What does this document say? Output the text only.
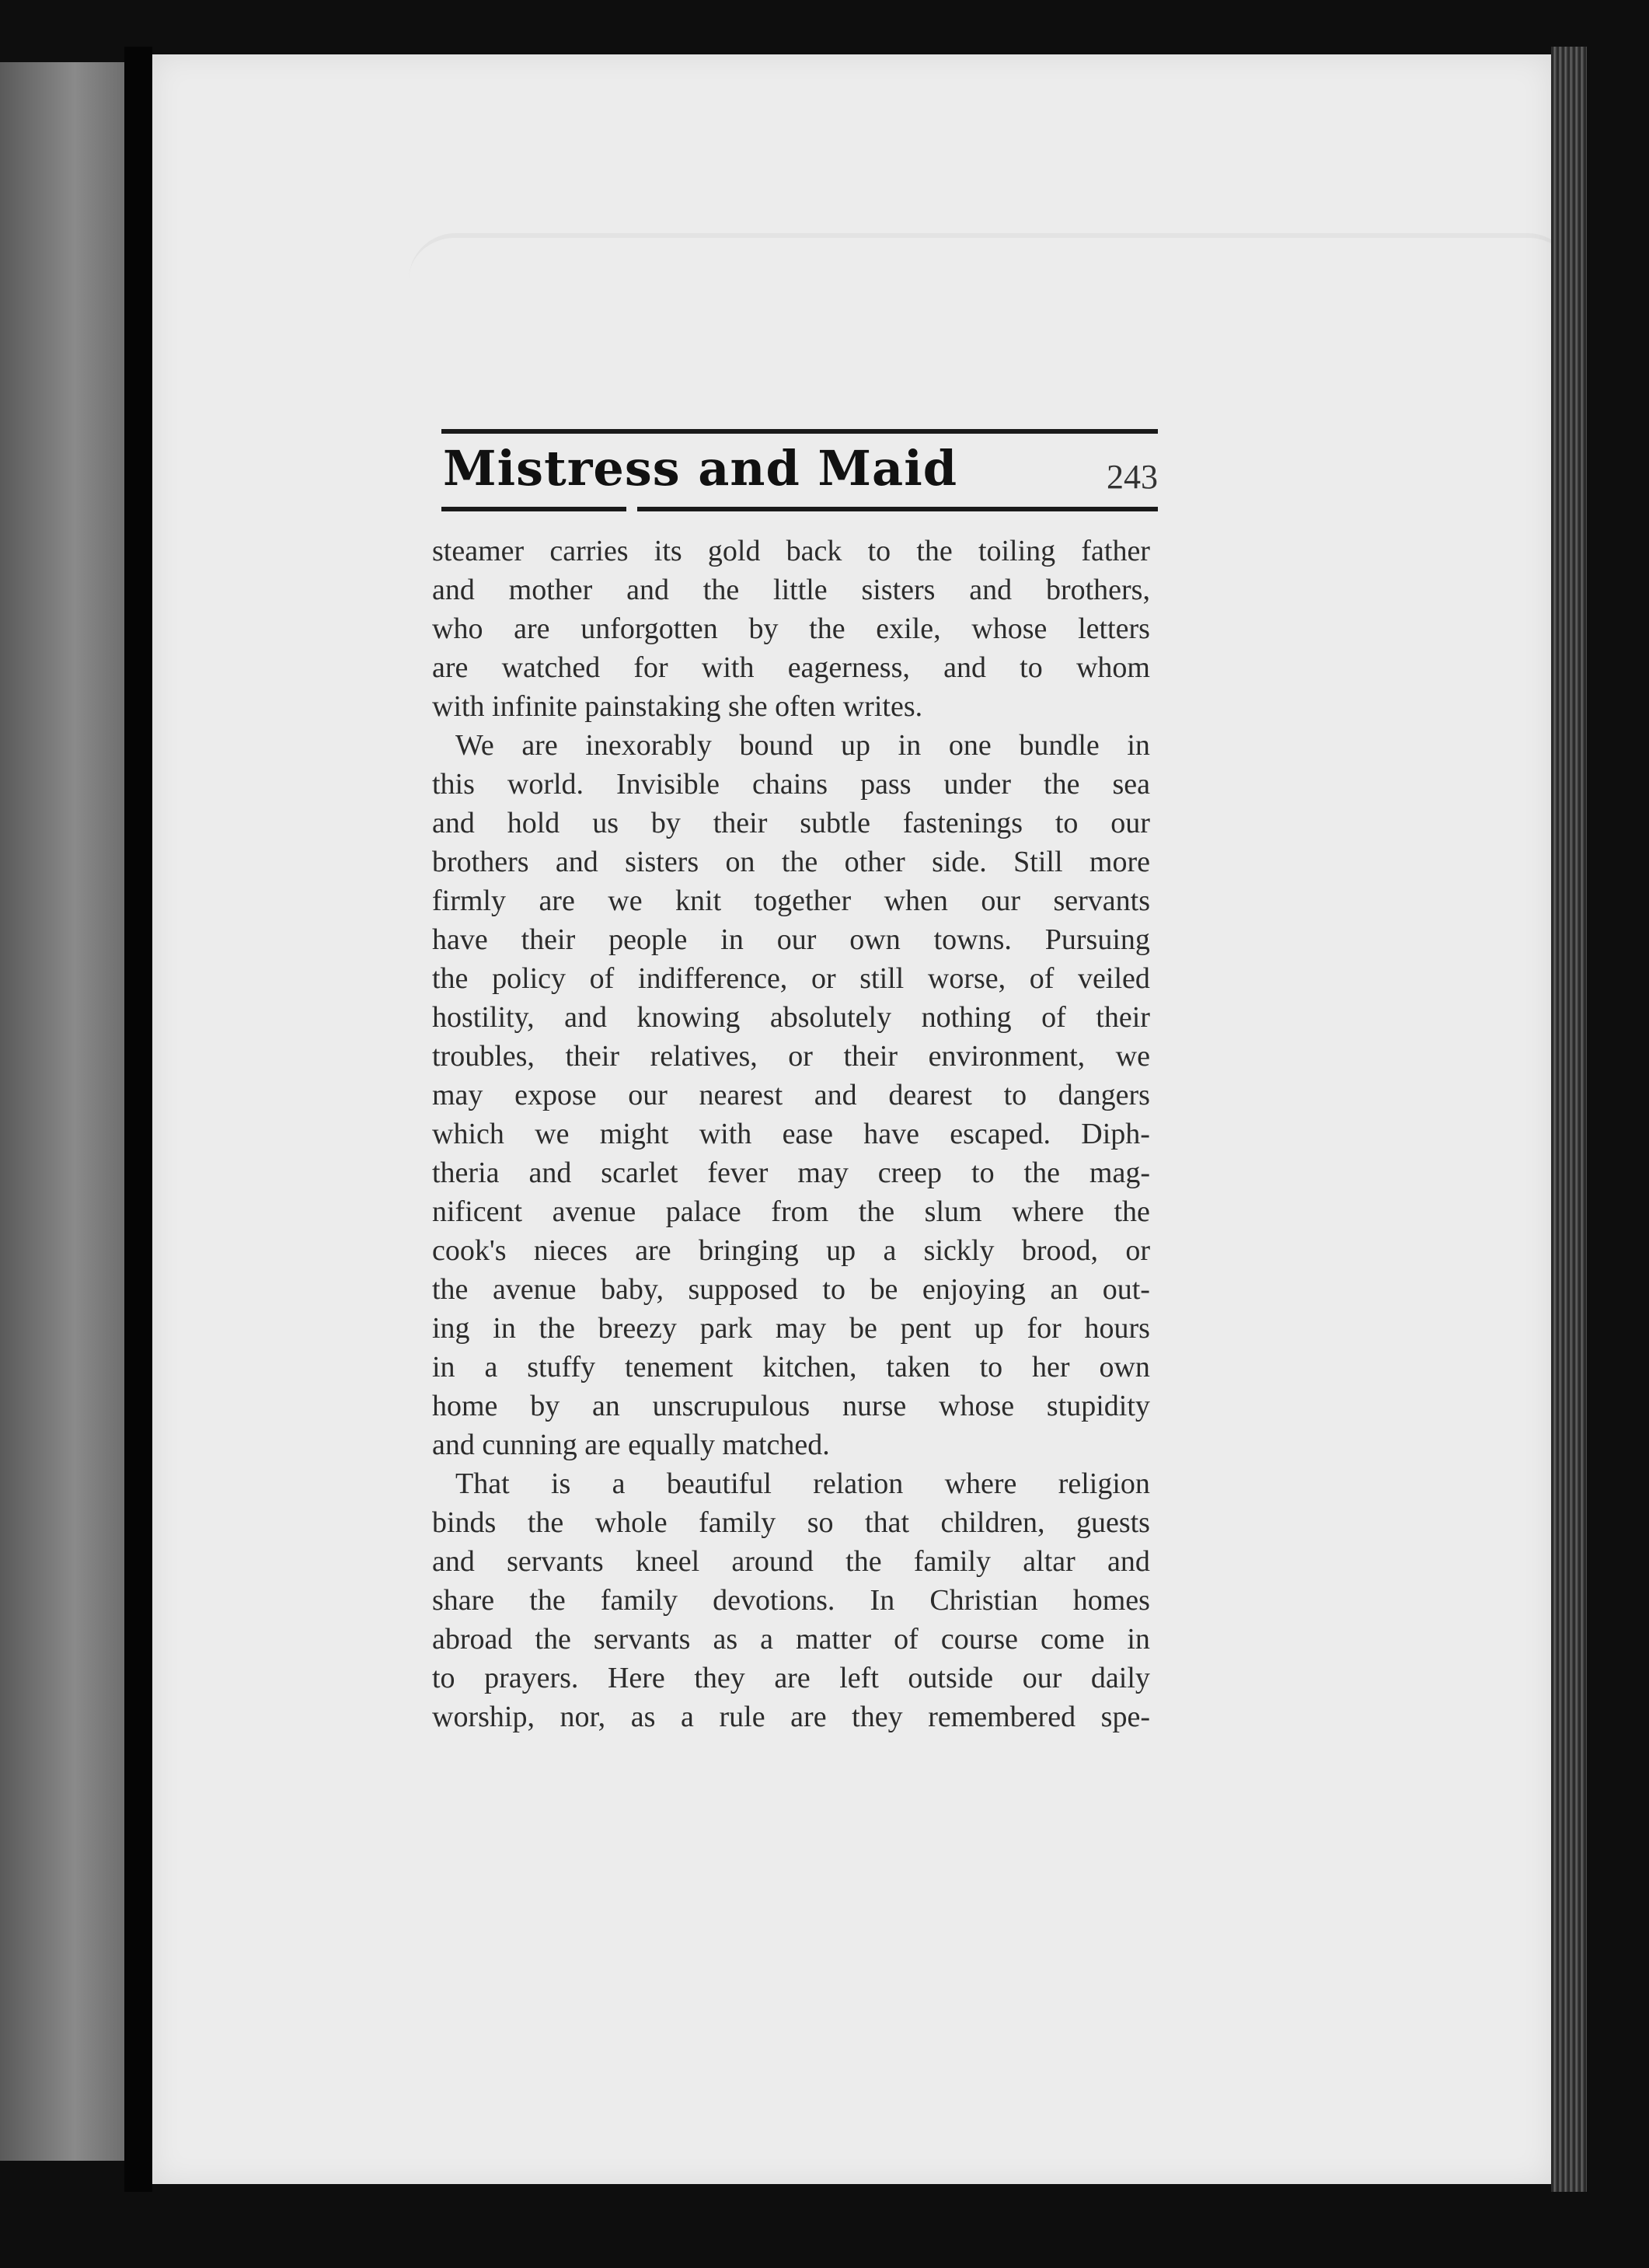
Mistress and Maid	243
steamer carries its gold back to the toiling father
and mother and the little sisters and brothers,
who are unforgotten by the exile, whose letters
are watched for with eagerness, and to whom
with infinite painstaking she often writes.
We are inexorably bound up in one bundle in
this world. Invisible chains pass under the sea
and hold us by their subtle fastenings to our
brothers and sisters on the other side. Still more
firmly are we knit together when our servants
have their people in our own towns. Pursuing
the policy of indifference, or still worse, of veiled
hostility, and knowing absolutely nothing of their
troubles, their relatives, or their environment, we
may expose our nearest and dearest to dangers
which we might with ease have escaped. Diph-
theria and scarlet fever may creep to the mag-
nificent avenue palace from the slum where the
cook's nieces are bringing up a sickly brood, or
the avenue baby, supposed to be enjoying an out-
ing in the breezy park may be pent up for hours
in a stuffy tenement kitchen, taken to her own
home by an unscrupulous nurse whose stupidity
and cunning are equally matched.
That is a beautiful relation where religion
binds the whole family so that children, guests
and servants kneel around the family altar and
share the family devotions. In Christian homes
abroad the servants as a matter of course come in
to prayers. Here they are left outside our daily
worship, nor, as a rule are they remembered spe-
